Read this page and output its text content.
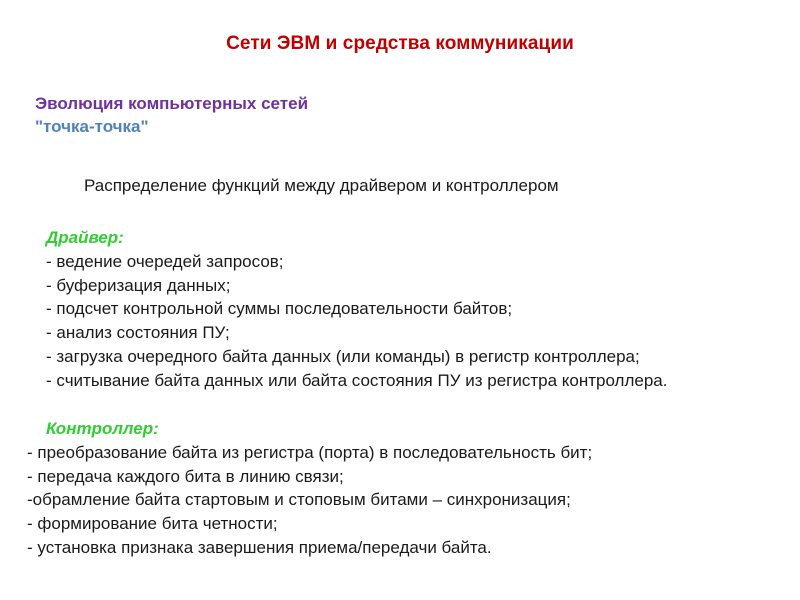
Сети ЭВМ и средства коммуникации
Эволюция компьютерных сетей
"точка-точка"
Распределение функций между драйвером и контроллером
Драйвер:
- ведение очередей запросов;
- буферизация данных;
- подсчет контрольной суммы последовательности байтов;
- анализ состояния ПУ;
- загрузка очередного байта данных (или команды) в регистр контроллера;
- считывание байта данных или байта состояния ПУ из регистра контроллера.
Контроллер:
- преобразование байта из регистра (порта) в последовательность бит;
- передача каждого бита в линию связи;
-обрамление байта стартовым и стоповым битами – синхронизация;
- формирование бита четности;
- установка признака завершения приема/передачи байта.
